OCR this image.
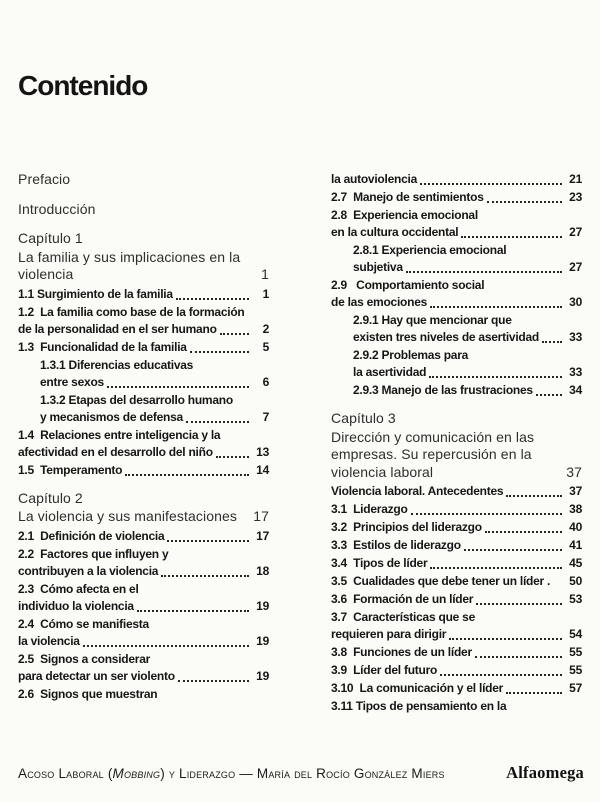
Contenido
Prefacio
Introducción
Capítulo 1
La familia y sus implicaciones en la
violencia	1
1.1 Surgimiento de la familia	1
1.2  La familia como base de la formación
de la personalidad en el ser humano	2
1.3  Funcionalidad de la familia	5
1.3.1 Diferencias educativas
entre sexos	6
1.3.2 Etapas del desarrollo humano
y mecanismos de defensa	7
1.4  Relaciones entre inteligencia y la
afectividad en el desarrollo del niño	13
1.5  Temperamento	14
Capítulo 2
La violencia y sus manifestaciones 17
2.1  Definición de violencia	17
2.2  Factores que influyen y
contribuyen a la violencia	18
2.3  Cómo afecta en el
individuo la violencia	19
2.4  Cómo se manifiesta
la violencia	19
2.5  Signos a considerar
para detectar un ser violento	19
2.6  Signos que muestran
la autoviolencia	21
2.7  Manejo de sentimientos	23
2.8  Experiencia emocional
en la cultura occidental	27
2.8.1 Experiencia emocional
subjetiva	27
2.9   Comportamiento social
de las emociones	30
2.9.1 Hay que mencionar que
existen tres niveles de asertividad	33
2.9.2 Problemas para
la asertividad	33
2.9.3 Manejo de las frustraciones	34
Capítulo 3
Dirección y comunicación en las
empresas. Su repercusión en la
violencia laboral	37
Violencia laboral. Antecedentes	37
3.1  Liderazgo	38
3.2  Principios del liderazgo	40
3.3  Estilos de liderazgo	41
3.4  Tipos de líder	45
3.5  Cualidades que debe tener un líder .	50
3.6  Formación de un líder	53
3.7  Características que se
requieren para dirigir	54
3.8  Funciones de un líder	55
3.9  Líder del futuro	55
3.10  La comunicación y el líder	57
3.11 Tipos de pensamiento en la
Acoso Laboral (Mobbing) y Liderazgo — María del Rocío González Miers	Alfaomega
